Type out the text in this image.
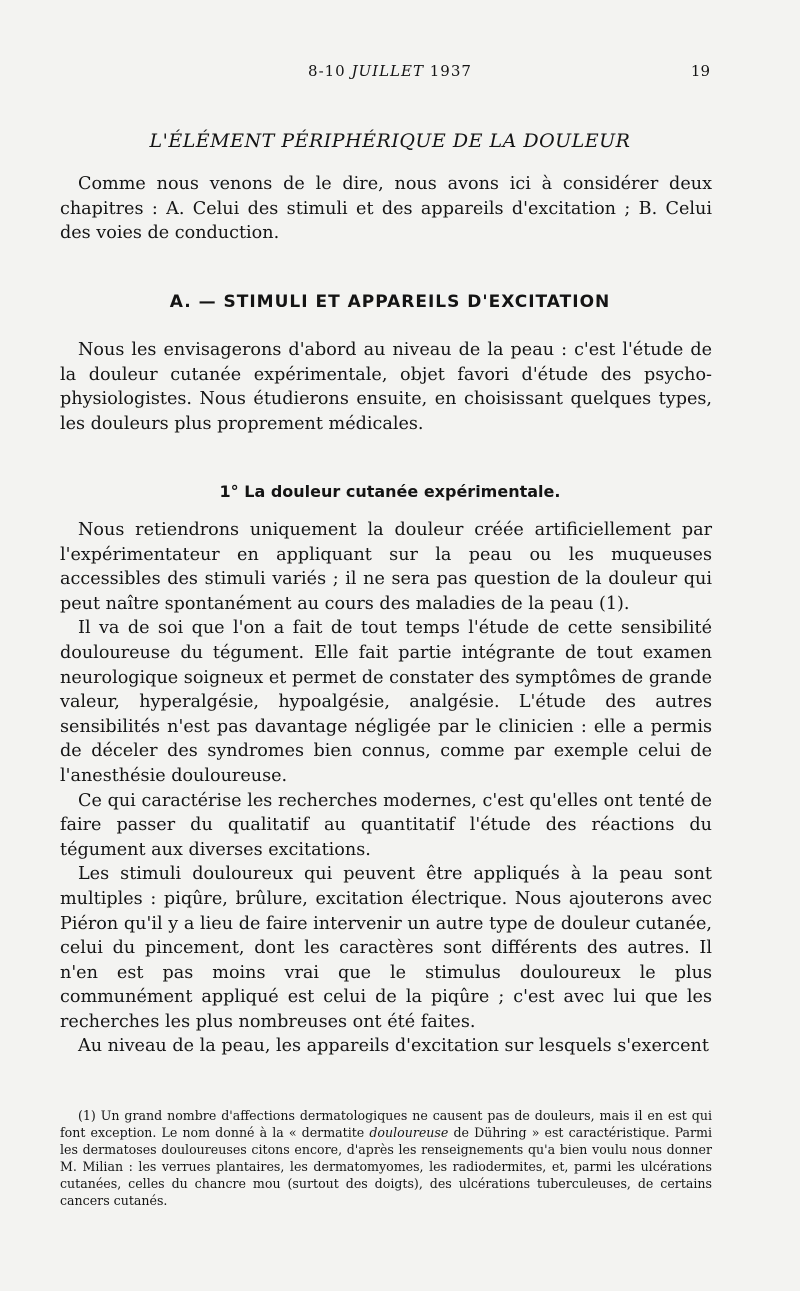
8-10 JUILLET 1937	19
L'ÉLÉMENT PÉRIPHÉRIQUE DE LA DOULEUR

Comme nous venons de le dire, nous avons ici à considérer deux chapitres : A. Celui des stimuli et des appareils d'excitation ; B. Celui des voies de conduction.

A. — STIMULI ET APPAREILS D'EXCITATION

Nous les envisagerons d'abord au niveau de la peau : c'est l'étude de la douleur cutanée expérimentale, objet favori d'étude des psycho-physiologistes. Nous étudierons ensuite, en choisissant quelques types, les douleurs plus proprement médicales.

1° La douleur cutanée expérimentale.

Nous retiendrons uniquement la douleur créée artificiellement par l'expérimentateur en appliquant sur la peau ou les muqueuses accessibles des stimuli variés ; il ne sera pas question de la douleur qui peut naître spontanément au cours des maladies de la peau (1).

Il va de soi que l'on a fait de tout temps l'étude de cette sensibilité douloureuse du tégument. Elle fait partie intégrante de tout examen neurologique soigneux et permet de constater des symptômes de grande valeur, hyperalgésie, hypoalgésie, analgésie. L'étude des autres sensibilités n'est pas davantage négligée par le clinicien : elle a permis de déceler des syndromes bien connus, comme par exemple celui de l'anesthésie douloureuse.

Ce qui caractérise les recherches modernes, c'est qu'elles ont tenté de faire passer du qualitatif au quantitatif l'étude des réactions du tégument aux diverses excitations.

Les stimuli douloureux qui peuvent être appliqués à la peau sont multiples : piqûre, brûlure, excitation électrique. Nous ajouterons avec Piéron qu'il y a lieu de faire intervenir un autre type de douleur cutanée, celui du pincement, dont les caractères sont différents des autres. Il n'en est pas moins vrai que le stimulus douloureux le plus communément appliqué est celui de la piqûre ; c'est avec lui que les recherches les plus nombreuses ont été faites.

Au niveau de la peau, les appareils d'excitation sur lesquels s'exercent

(1) Un grand nombre d'affections dermatologiques ne causent pas de douleurs, mais il en est qui font exception. Le nom donné à la « dermatite douloureuse de Dühring » est caractéristique. Parmi les dermatoses douloureuses citons encore, d'après les renseignements qu'a bien voulu nous donner M. Milian : les verrues plantaires, les dermatomyomes, les radiodermites, et, parmi les ulcérations cutanées, celles du chancre mou (surtout des doigts), des ulcérations tuberculeuses, de certains cancers cutanés.
